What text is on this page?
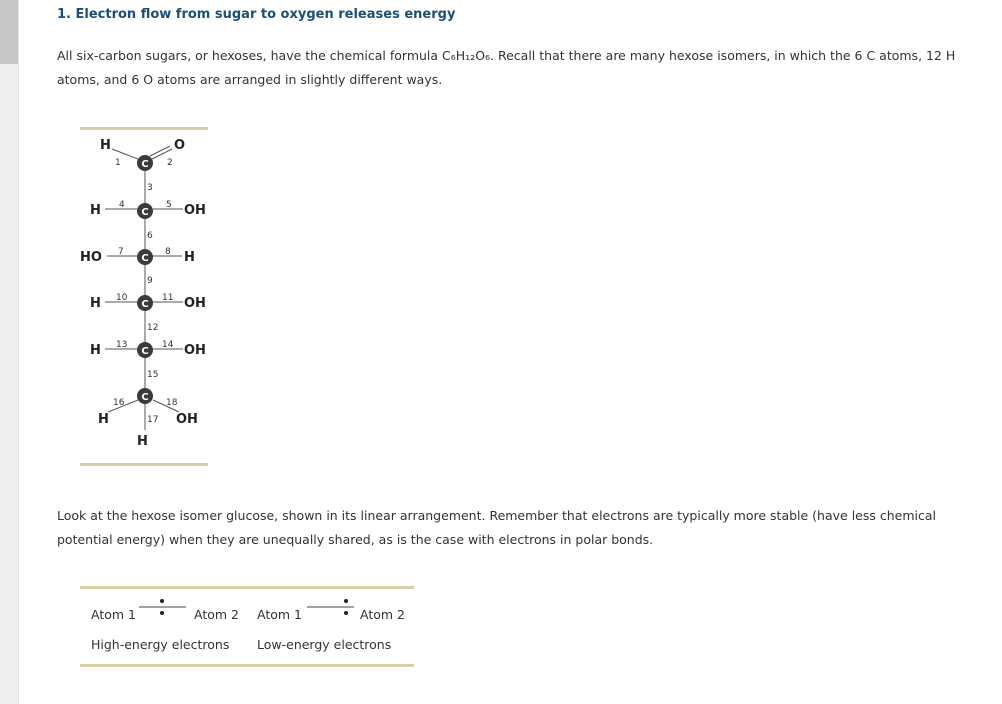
1. Electron flow from sugar to oxygen releases energy
All six-carbon sugars, or hexoses, have the chemical formula C₆H₁₂O₆. Recall that there are many hexose isomers, in which the 6 C atoms, 12 H atoms, and 6 O atoms are arranged in slightly different ways.
C
C
C
C
C
C
H	O
H	OH
HO	H
H	OH
H	OH
H	OH
H
1	2
3
4	5
6
7	8
9
10	11
12
13	14
15
16
17
18
Look at the hexose isomer glucose, shown in its linear arrangement. Remember that electrons are typically more stable (have less chemical potential energy) when they are unequally shared, as is the case with electrons in polar bonds.
Atom 1	Atom 2 Atom 1	Atom 2
High-energy electrons Low-energy electrons
